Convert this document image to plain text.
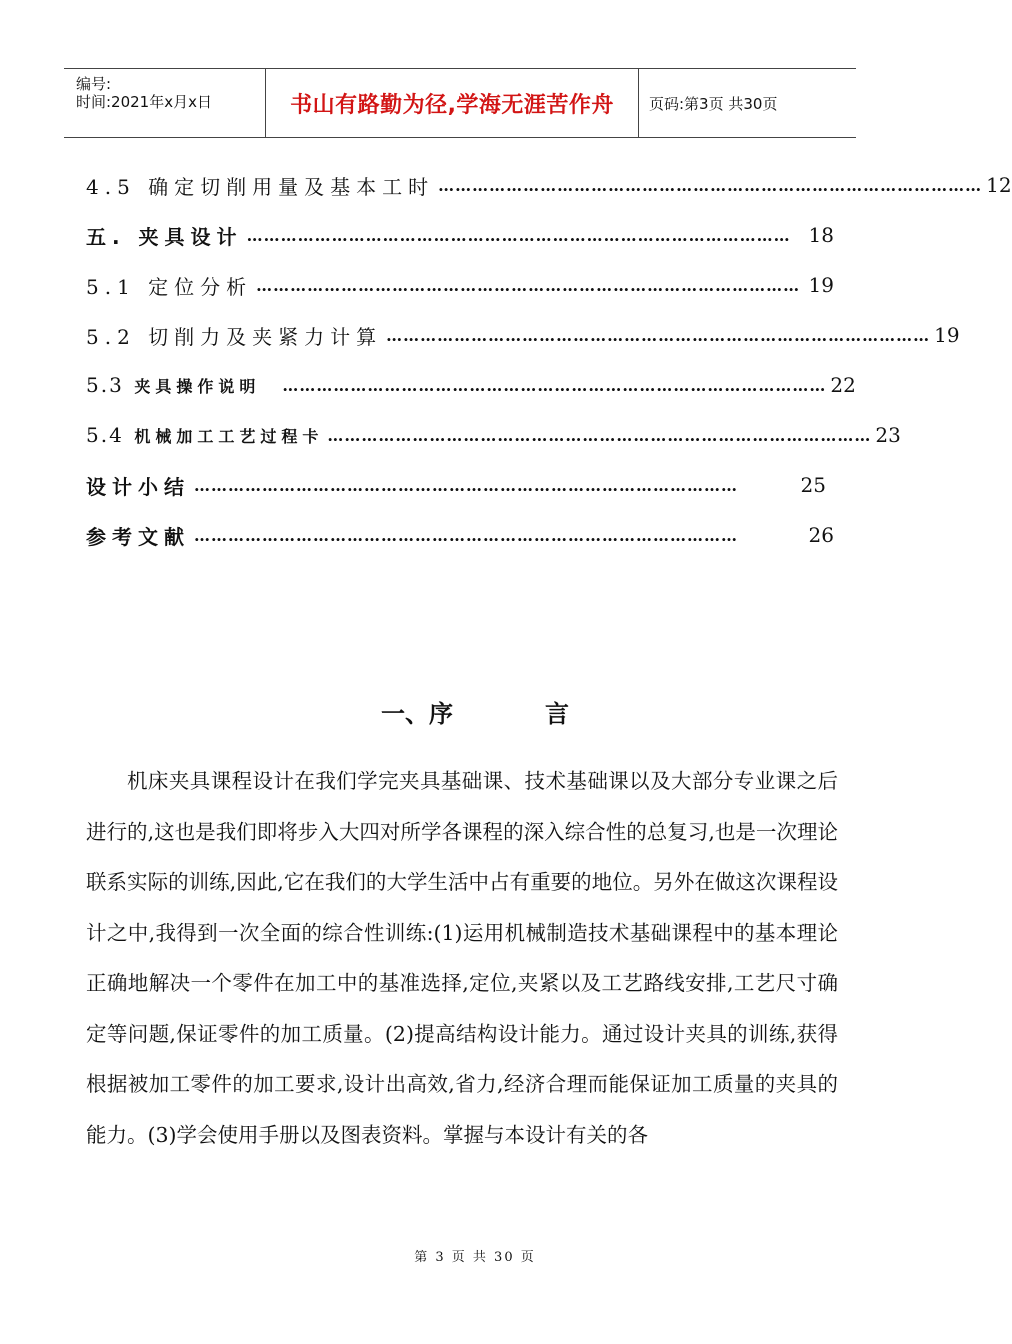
编号:
时间:2021年x月x日	书山有路勤为径,学海无涯苦作舟	页码:第3页 共30页
4.5 确定切削用量及基本工时 …………………………………………………………………………………… 12
五. 夹具设计 …………………………………………………………………………………… 18
5.1 定位分析 …………………………………………………………………………………… 19
5.2 切削力及夹紧力计算 …………………………………………………………………………………… 19
5.3 夹具操作说明 …………………………………………………………………………………… 22
5.4 机械加工工艺过程卡 …………………………………………………………………………………… 23
设计小结 ……………………………………………………………………………………	25
参考文献 ……………………………………………………………………………………	26
一、序	言

机床夹具课程设计在我们学完夹具基础课、技术基础课以及大部分专业课之后进行的,这也是我们即将步入大四对所学各课程的深入综合性的总复习,也是一次理论联系实际的训练,因此,它在我们的大学生活中占有重要的地位。另外在做这次课程设计之中,我得到一次全面的综合性训练:(1)运用机械制造技术基础课程中的基本理论正确地解决一个零件在加工中的基准选择,定位,夹紧以及工艺路线安排,工艺尺寸确定等问题,保证零件的加工质量。(2)提高结构设计能力。通过设计夹具的训练,获得根据被加工零件的加工要求,设计出高效,省力,经济合理而能保证加工质量的夹具的能力。(3)学会使用手册以及图表资料。掌握与本设计有关的各

第 3 页 共 30 页
